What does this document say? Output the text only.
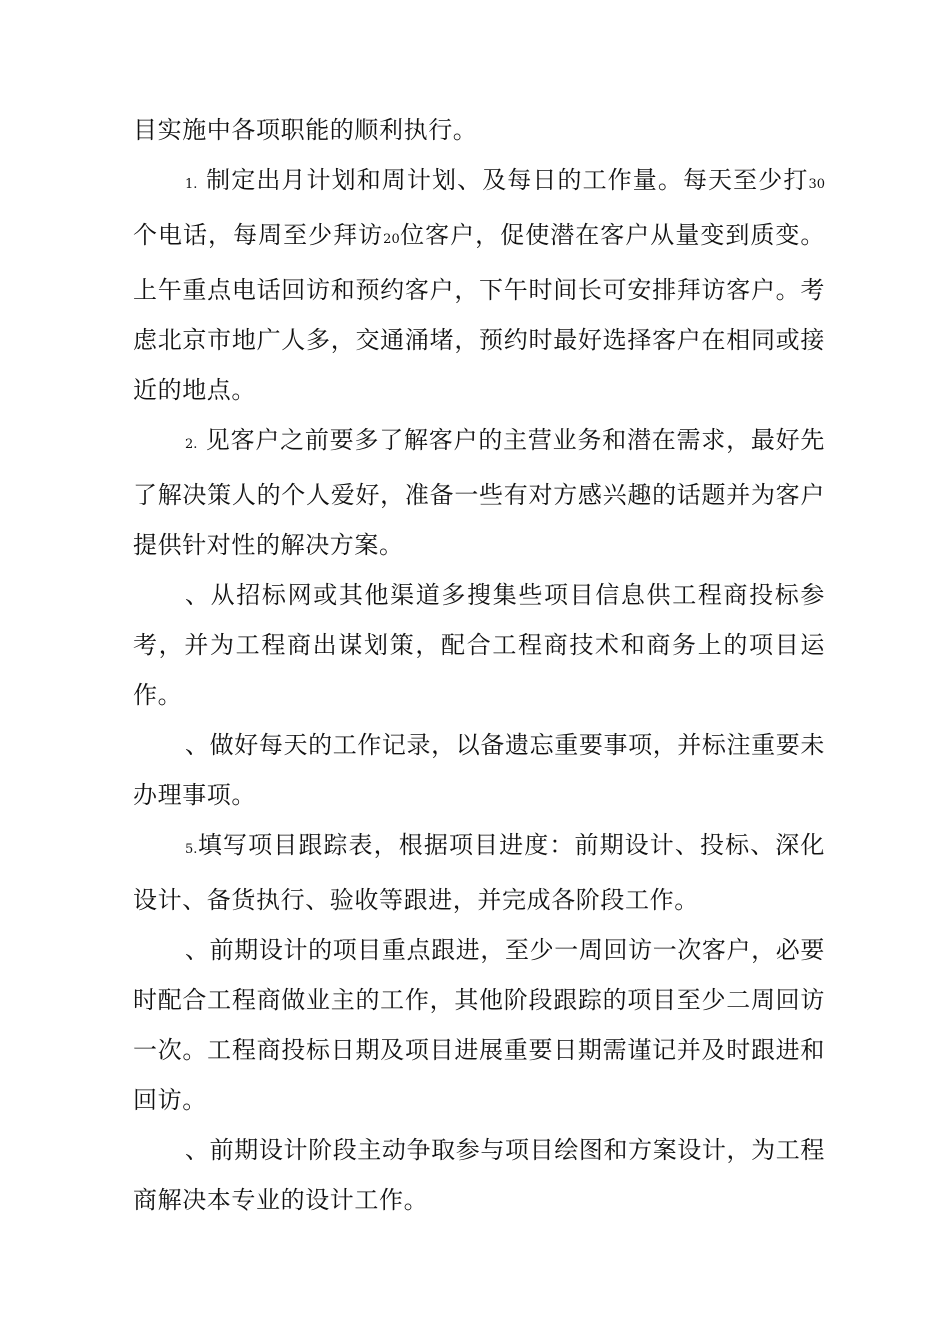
目实施中各项职能的顺利执行。

1. 制定出月计划和周计划、及每日的工作量。每天至少打30个电话，每周至少拜访20位客户，促使潜在客户从量变到质变。上午重点电话回访和预约客户，下午时间长可安排拜访客户。考虑北京市地广人多，交通涌堵，预约时最好选择客户在相同或接近的地点。

2. 见客户之前要多了解客户的主营业务和潜在需求，最好先了解决策人的个人爱好，准备一些有对方感兴趣的话题并为客户提供针对性的解决方案。

、从招标网或其他渠道多搜集些项目信息供工程商投标参考，并为工程商出谋划策，配合工程商技术和商务上的项目运作。

、做好每天的工作记录，以备遗忘重要事项，并标注重要未办理事项。

5.填写项目跟踪表，根据项目进度：前期设计、投标、深化设计、备货执行、验收等跟进，并完成各阶段工作。

、前期设计的项目重点跟进，至少一周回访一次客户，必要时配合工程商做业主的工作，其他阶段跟踪的项目至少二周回访一次。工程商投标日期及项目进展重要日期需谨记并及时跟进和回访。

、前期设计阶段主动争取参与项目绘图和方案设计，为工程商解决本专业的设计工作。
